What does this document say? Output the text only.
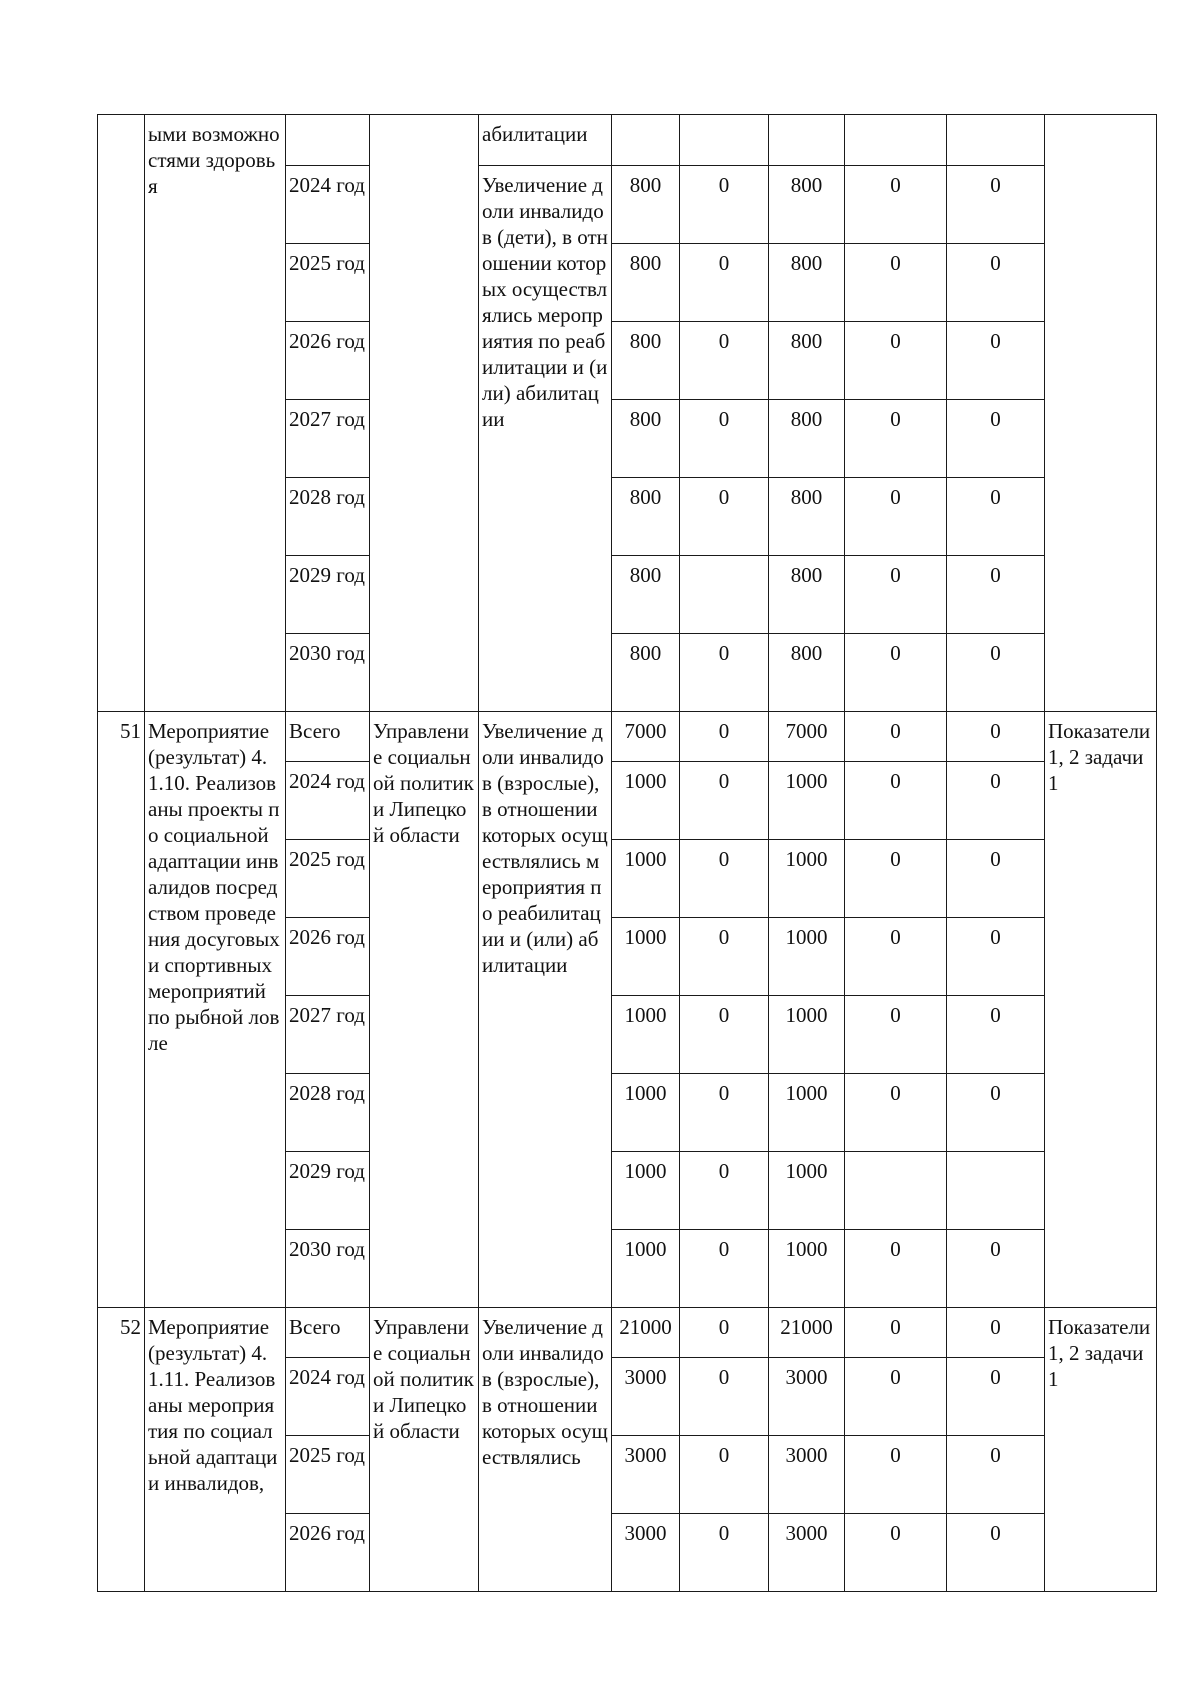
	ыми возможностями здоровья			абилитации						
		2024 год		Увеличение доли инвалидов (дети), в отношении которых осуществлялись мероприятия по реабилитации и (или) абилитации	800	0	800	0	0	
		2025 год			800	0	800	0	0	
		2026 год			800	0	800	0	0	
		2027 год			800	0	800	0	0	
		2028 год			800	0	800	0	0	
		2029 год			800		800	0	0	
		2030 год			800	0	800	0	0	
51	Мероприятие (результат) 4.1.10. Реализованы проекты по социальной адаптации инвалидов посредством проведения досуговых и спортивных мероприятий по рыбной ловле	Всего	Управление социальной политики Липецкой области	Увеличение доли инвалидов (взрослые), в отношении которых осуществлялись мероприятия по реабилитации и (или) абилитации	7000	0	7000	0	0	Показатели 1, 2 задачи 1
		2024 год			1000	0	1000	0	0	
		2025 год			1000	0	1000	0	0	
		2026 год			1000	0	1000	0	0	
		2027 год			1000	0	1000	0	0	
		2028 год			1000	0	1000	0	0	
		2029 год			1000	0	1000			
		2030 год			1000	0	1000	0	0	
52	Мероприятие (результат) 4.1.11. Реализованы мероприятия по социальной адаптации инвалидов,	Всего	Управление социальной политики Липецкой области	Увеличение доли инвалидов (взрослые), в отношении которых осуществлялись	21000	0	21000	0	0	Показатели 1, 2 задачи 1
		2024 год			3000	0	3000	0	0	
		2025 год			3000	0	3000	0	0	
		2026 год			3000	0	3000	0	0	
